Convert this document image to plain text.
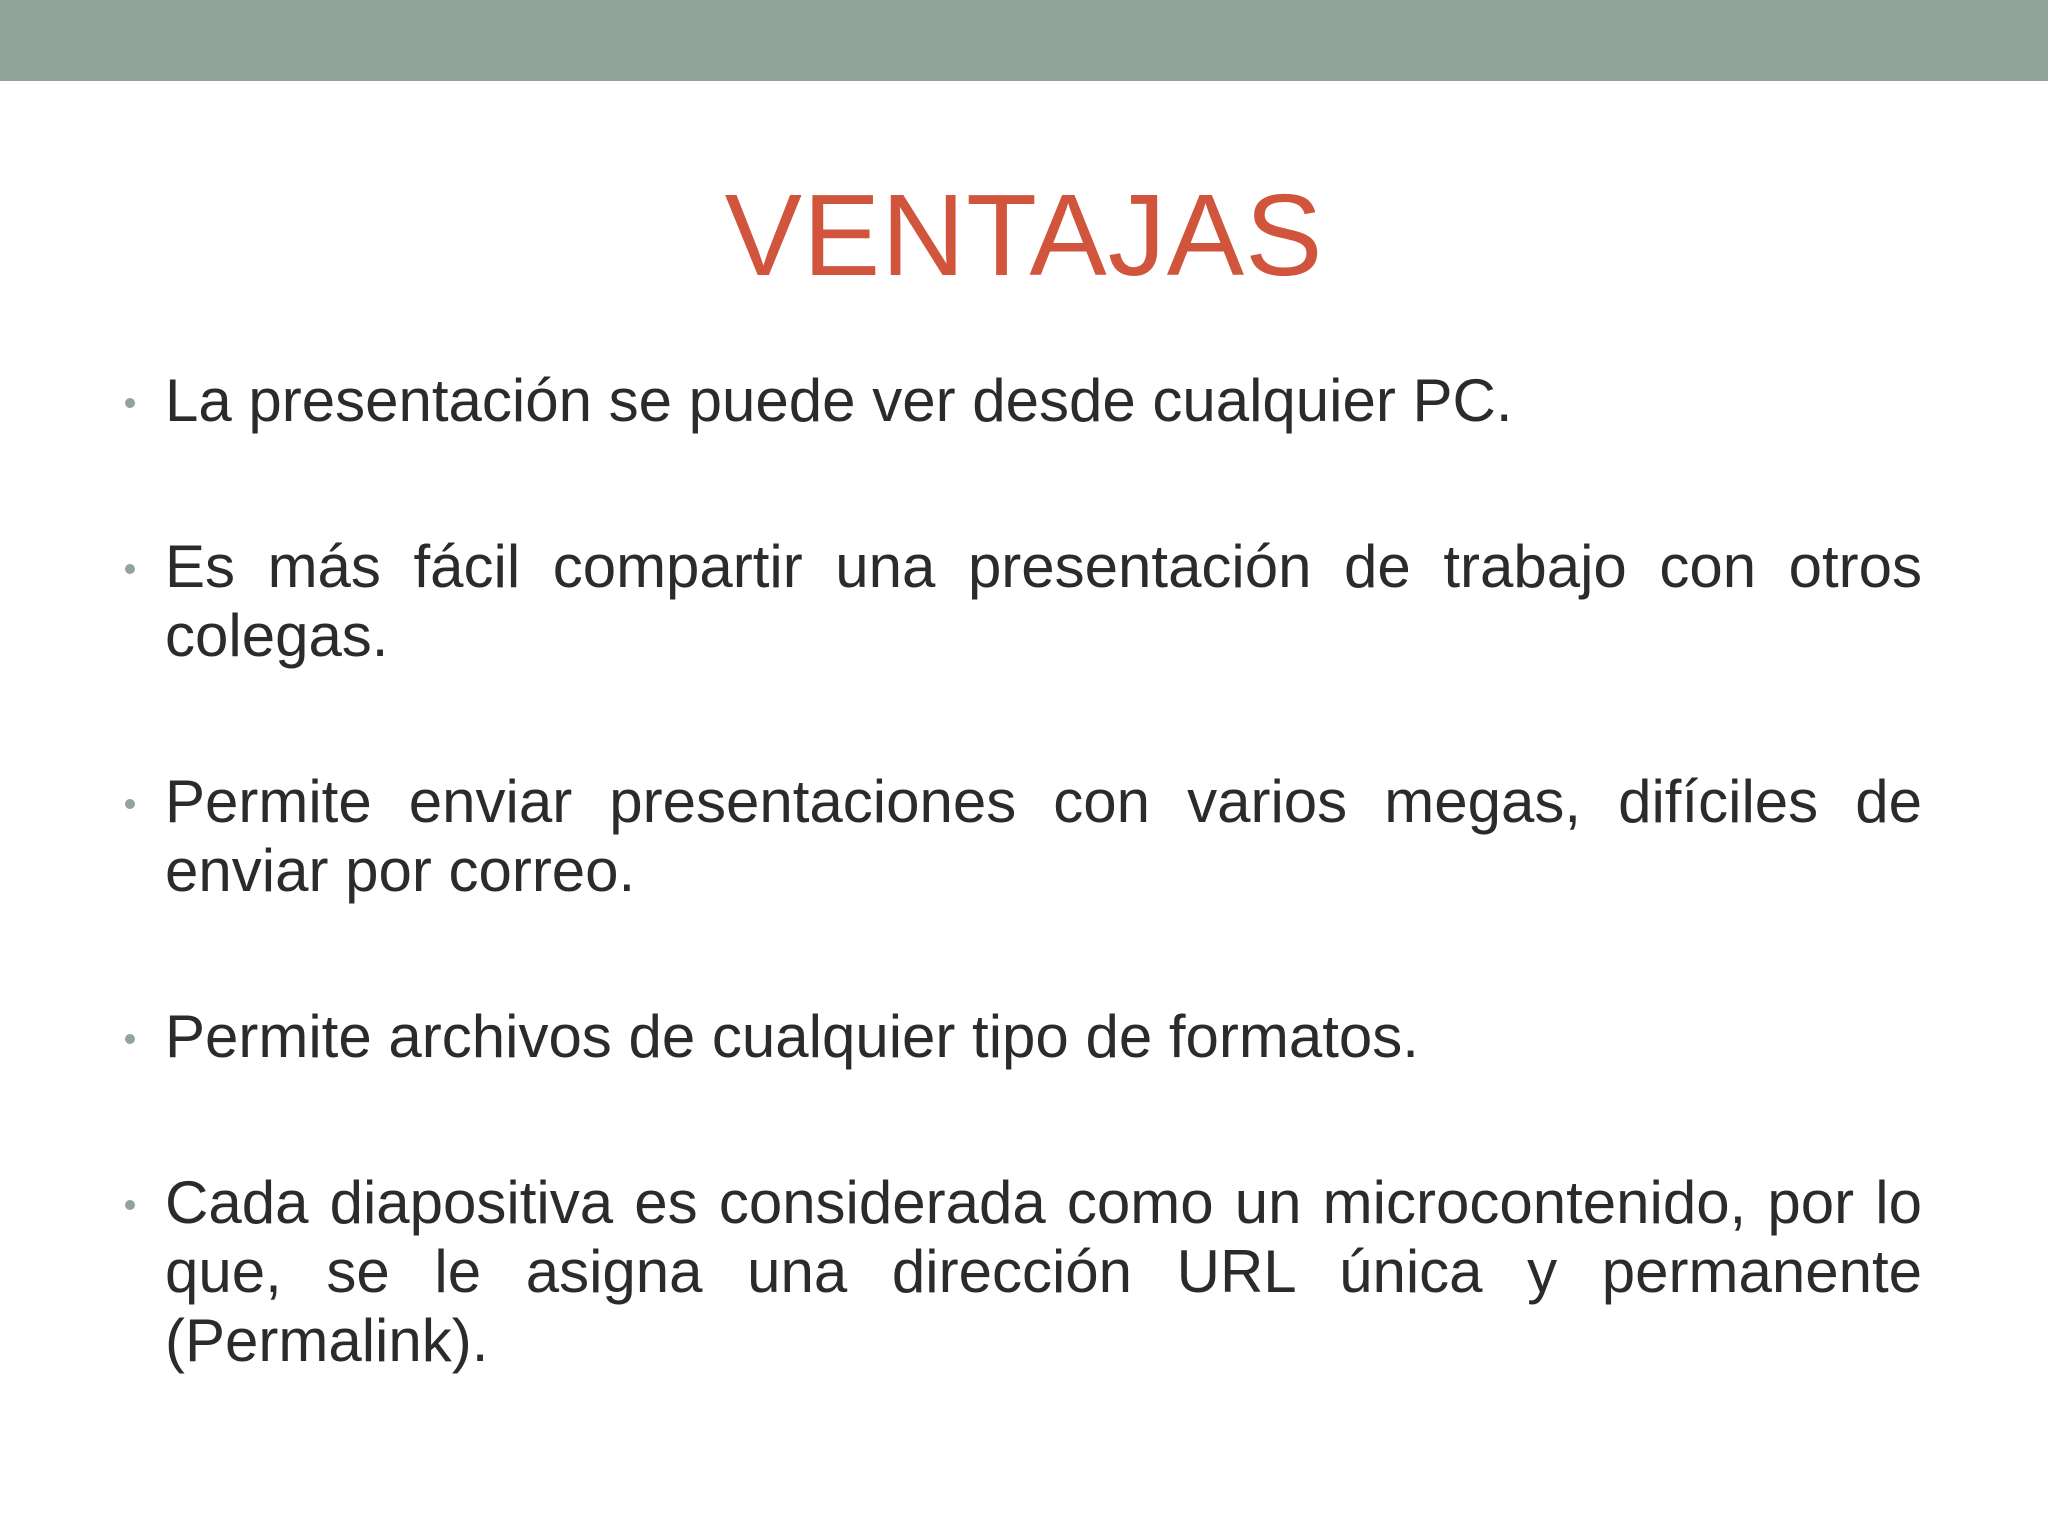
VENTAJAS
La presentación se puede ver desde cualquier PC.
Es más fácil compartir una presentación de trabajo con otros colegas.
Permite enviar presentaciones con varios megas, difíciles de enviar por correo.
Permite archivos de cualquier tipo de formatos.
Cada diapositiva es considerada como un microcontenido, por lo que, se le asigna una dirección URL única y permanente (Permalink).
